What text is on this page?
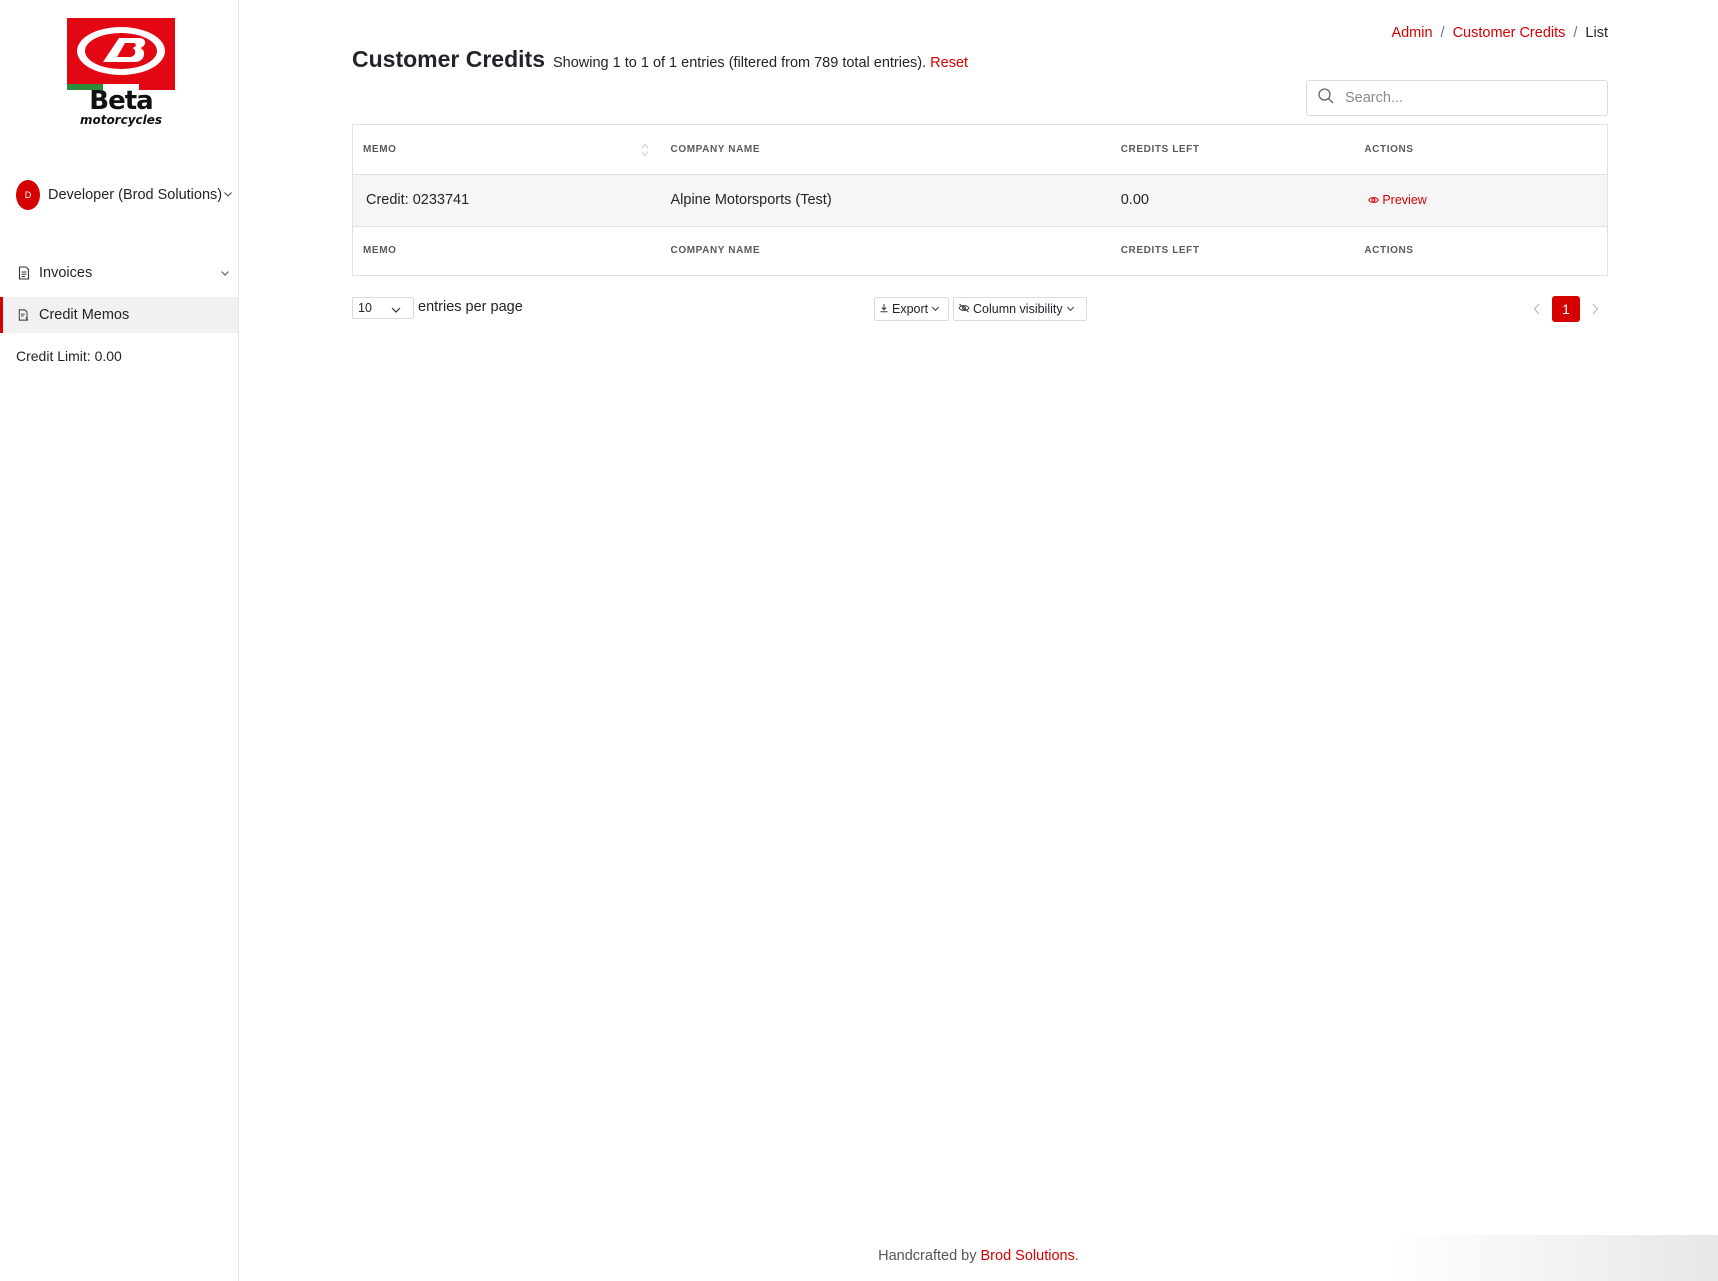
Beta
motorcycles
D	Developer (Brod Solutions)
Invoices
$ Credit Memos
Credit Limit: 0.00
Admin / Customer Credits / List
Customer Credits Showing 1 to 1 of 1 entries (filtered from 789 total entries). Reset
Search...
MEMO	COMPANY NAME	CREDITS LEFT	ACTIONS
Credit: 0233741	Alpine Motorsports (Test)	0.00	Preview

MEMO	COMPANY NAME	CREDITS LEFT	ACTIONS
10	entries per page	Export	Column visibility	1
Handcrafted by Brod Solutions.
